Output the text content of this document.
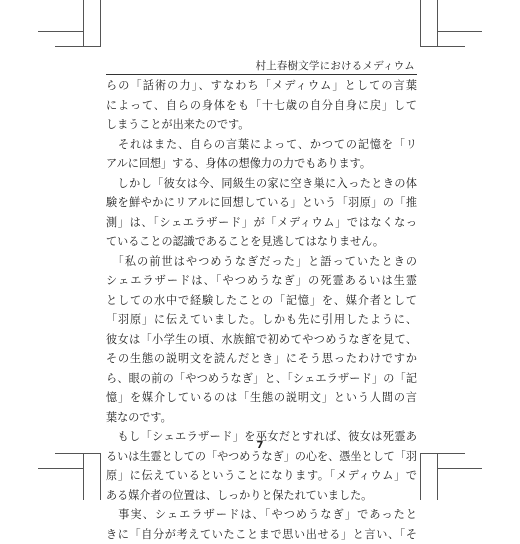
村上春樹文学におけるメディウム
らの「話術の力」、すなわち「メディウム」としての言葉
によって、自らの身体をも「十七歳の自分自身に戻」して
しまうことが出来たのです。
　それはまた、自らの言葉によって、かつての記憶を「リ
アルに回想」する、身体の想像力の力でもあります。
　しかし「彼女は今、同級生の家に空き巣に入ったときの体
験を鮮やかにリアルに回想している」という「羽原」の「推
測」は、「シェエラザード」が「メディウム」ではなくなっ
ていることの認識であることを見逃してはなりません。
　「私の前世はやつめうなぎだった」と語っていたときの
シェエラザードは、「やつめうなぎ」の死霊あるいは生霊
としての水中で経験したことの「記憶」を、媒介者として
「羽原」に伝えていました。しかも先に引用したように、
彼女は「小学生の頃、水族館で初めてやつめうなぎを見て、
その生態の説明文を読んだとき」にそう思ったわけですか
ら、眼の前の「やつめうなぎ」と、「シェエラザード」の「記
憶」を媒介しているのは「生態の説明文」という人間の言
葉なのです。
　もし「シェエラザード」を巫女だとすれば、彼女は死霊あ
るいは生霊としての「やつめうなぎ」の心を、憑坐として「羽
原」に伝えているということになります。「メディウム」で
ある媒介者の位置は、しっかりと保たれていました。
　事実、シェエラザードは、「やつめうなぎ」であったと
きに「自分が考えていたことまで思い出せる」と言い、「そ
7
